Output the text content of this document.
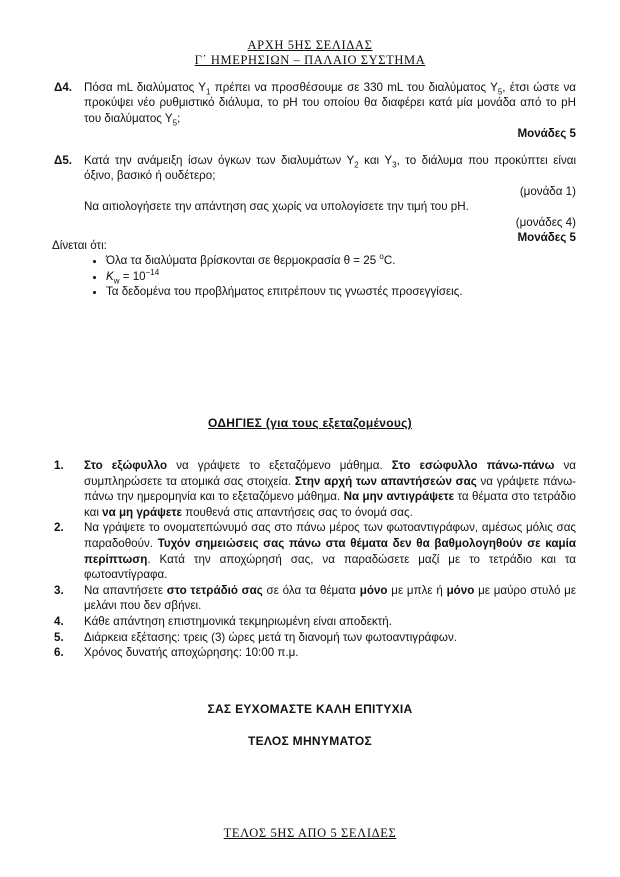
ΑΡΧΗ 5ΗΣ ΣΕΛΙΔΑΣ
Γ΄ ΗΜΕΡΗΣΙΩΝ – ΠΑΛΑΙΟ ΣΥΣΤΗΜΑ
Δ4. Πόσα mL διαλύματος $\Upsilon_1$ πρέπει να προσθέσουμε σε 330 mL του διαλύματος $\Upsilon_5$, έτσι ώστε να προκύψει νέο ρυθμιστικό διάλυμα, το pH του οποίου θα διαφέρει κατά μία μονάδα από το pH του διαλύματος $\Upsilon_5$;
Μονάδες 5
Δ5. Κατά την ανάμειξη ίσων όγκων των διαλυμάτων $\Upsilon_2$ και $\Upsilon_3$, το διάλυμα που προκύπτει είναι όξινο, βασικό ή ουδέτερο;
(μονάδα 1)
Να αιτιολογήσετε την απάντηση σας χωρίς να υπολογίσετε την τιμή του pH.
(μονάδες 4)
Μονάδες 5
Δίνεται ότι:
• Όλα τα διαλύματα βρίσκονται σε θερμοκρασία θ = 25 $^o$C.
• $K_w = 10^{-14}$
• Τα δεδομένα του προβλήματος επιτρέπουν τις γνωστές προσεγγίσεις.
ΟΔΗΓΙΕΣ (για τους εξεταζομένους)
1. Στο εξώφυλλο να γράψετε το εξεταζόμενο μάθημα. Στο εσώφυλλο πάνω-πάνω να συμπληρώσετε τα ατομικά σας στοιχεία. Στην αρχή των απαντήσεών σας να γράψετε πάνω-πάνω την ημερομηνία και το εξεταζόμενο μάθημα. Να μην αντιγράψετε τα θέματα στο τετράδιο και να μη γράψετε πουθενά στις απαντήσεις σας το όνομά σας.
2. Να γράψετε το ονοματεπώνυμό σας στο πάνω μέρος των φωτοαντιγράφων, αμέσως μόλις σας παραδοθούν. Τυχόν σημειώσεις σας πάνω στα θέματα δεν θα βαθμολογηθούν σε καμία περίπτωση. Κατά την αποχώρησή σας, να παραδώσετε μαζί με το τετράδιο και τα φωτοαντίγραφα.
3. Να απαντήσετε στο τετράδιό σας σε όλα τα θέματα μόνο με μπλε ή μόνο με μαύρο στυλό με μελάνι που δεν σβήνει.
4. Κάθε απάντηση επιστημονικά τεκμηριωμένη είναι αποδεκτή.
5. Διάρκεια εξέτασης: τρεις (3) ώρες μετά τη διανομή των φωτοαντιγράφων.
6. Χρόνος δυνατής αποχώρησης: 10:00 π.μ.
ΣΑΣ ΕΥΧΟΜΑΣΤΕ ΚΑΛΗ ΕΠΙΤΥΧΙΑ
ΤΕΛΟΣ ΜΗΝΥΜΑΤΟΣ
ΤΕΛΟΣ 5ΗΣ ΑΠΟ 5 ΣΕΛΙΔΕΣ
